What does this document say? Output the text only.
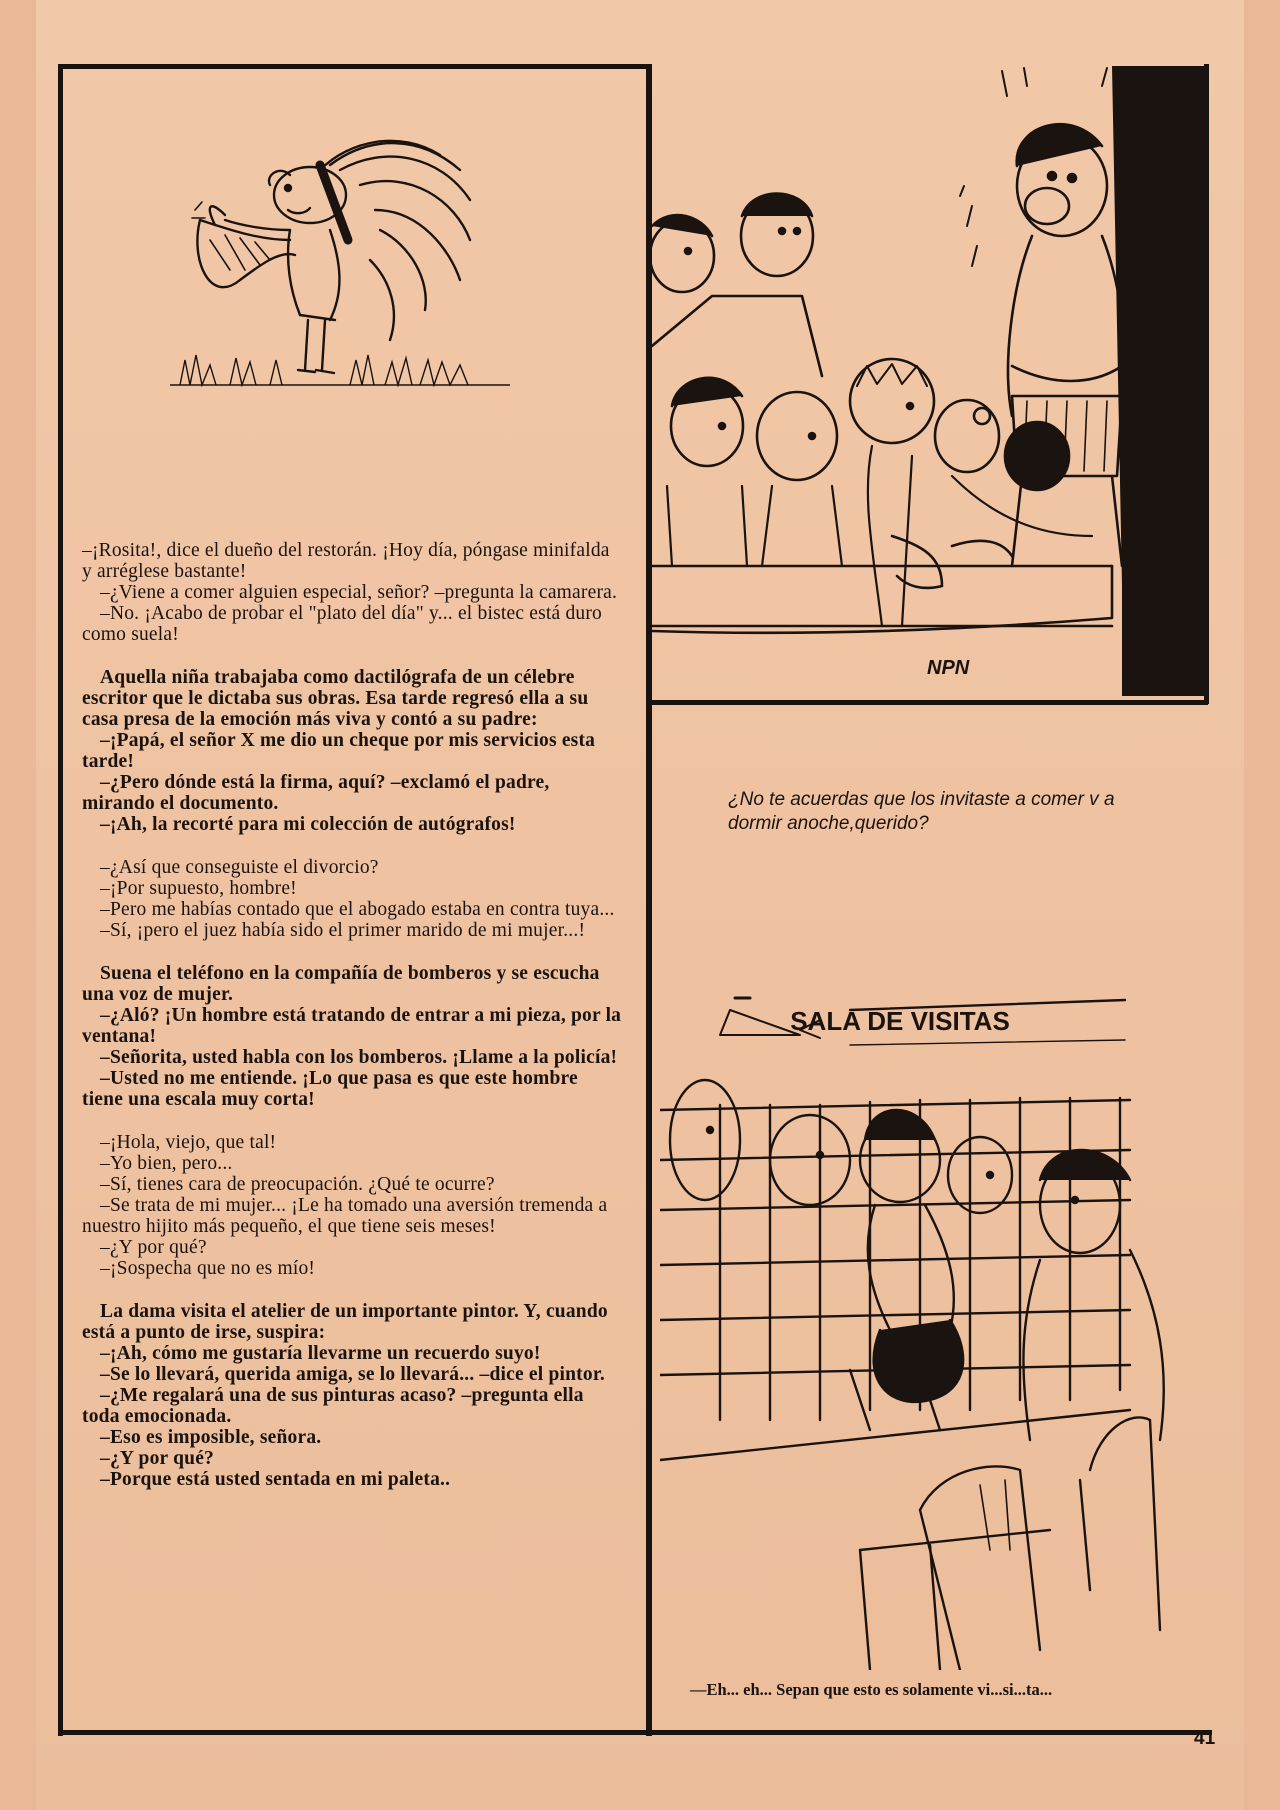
–¡Rosita!, dice el dueño del restorán. ¡Hoy día, póngase minifalda y arréglese bastante!

–¿Viene a comer alguien especial, señor? –pregunta la camarera.

–No. ¡Acabo de probar el "plato del día" y... el bistec está duro como suela!

Aquella niña trabajaba como dactilógrafa de un célebre escritor que le dictaba sus obras. Esa tarde regresó ella a su casa presa de la emoción más viva y contó a su padre:

–¡Papá, el señor X me dio un cheque por mis servicios esta tarde!

–¿Pero dónde está la firma, aquí? –exclamó el padre, mirando el documento.

–¡Ah, la recorté para mi colección de autógrafos!

–¿Así que conseguiste el divorcio?

–¡Por supuesto, hombre!

–Pero me habías contado que el abogado estaba en contra tuya...

–Sí, ¡pero el juez había sido el primer marido de mi mujer...!

Suena el teléfono en la compañía de bomberos y se escucha una voz de mujer.

–¿Aló? ¡Un hombre está tratando de entrar a mi pieza, por la ventana!

–Señorita, usted habla con los bomberos. ¡Llame a la policía!

–Usted no me entiende. ¡Lo que pasa es que este hombre tiene una escala muy corta!

–¡Hola, viejo, que tal!

–Yo bien, pero...

–Sí, tienes cara de preocupación. ¿Qué te ocurre?

–Se trata de mi mujer... ¡Le ha tomado una aversión tremenda a nuestro hijito más pequeño, el que tiene seis meses!

–¿Y por qué?

–¡Sospecha que no es mío!

La dama visita el atelier de un importante pintor. Y, cuando está a punto de irse, suspira:

–¡Ah, cómo me gustaría llevarme un recuerdo suyo!

–Se lo llevará, querida amiga, se lo llevará... –dice el pintor.

–¿Me regalará una de sus pinturas acaso? –pregunta ella toda emocionada.

–Eso es imposible, señora.

–¿Y por qué?

–Porque está usted sentada en mi paleta..

NPN
¿No te acuerdas que los invitaste a comer v a dormir anoche,querido?
SALA DE VISITAS
—Eh... eh... Sepan que esto es solamente vi...si...ta...
41
